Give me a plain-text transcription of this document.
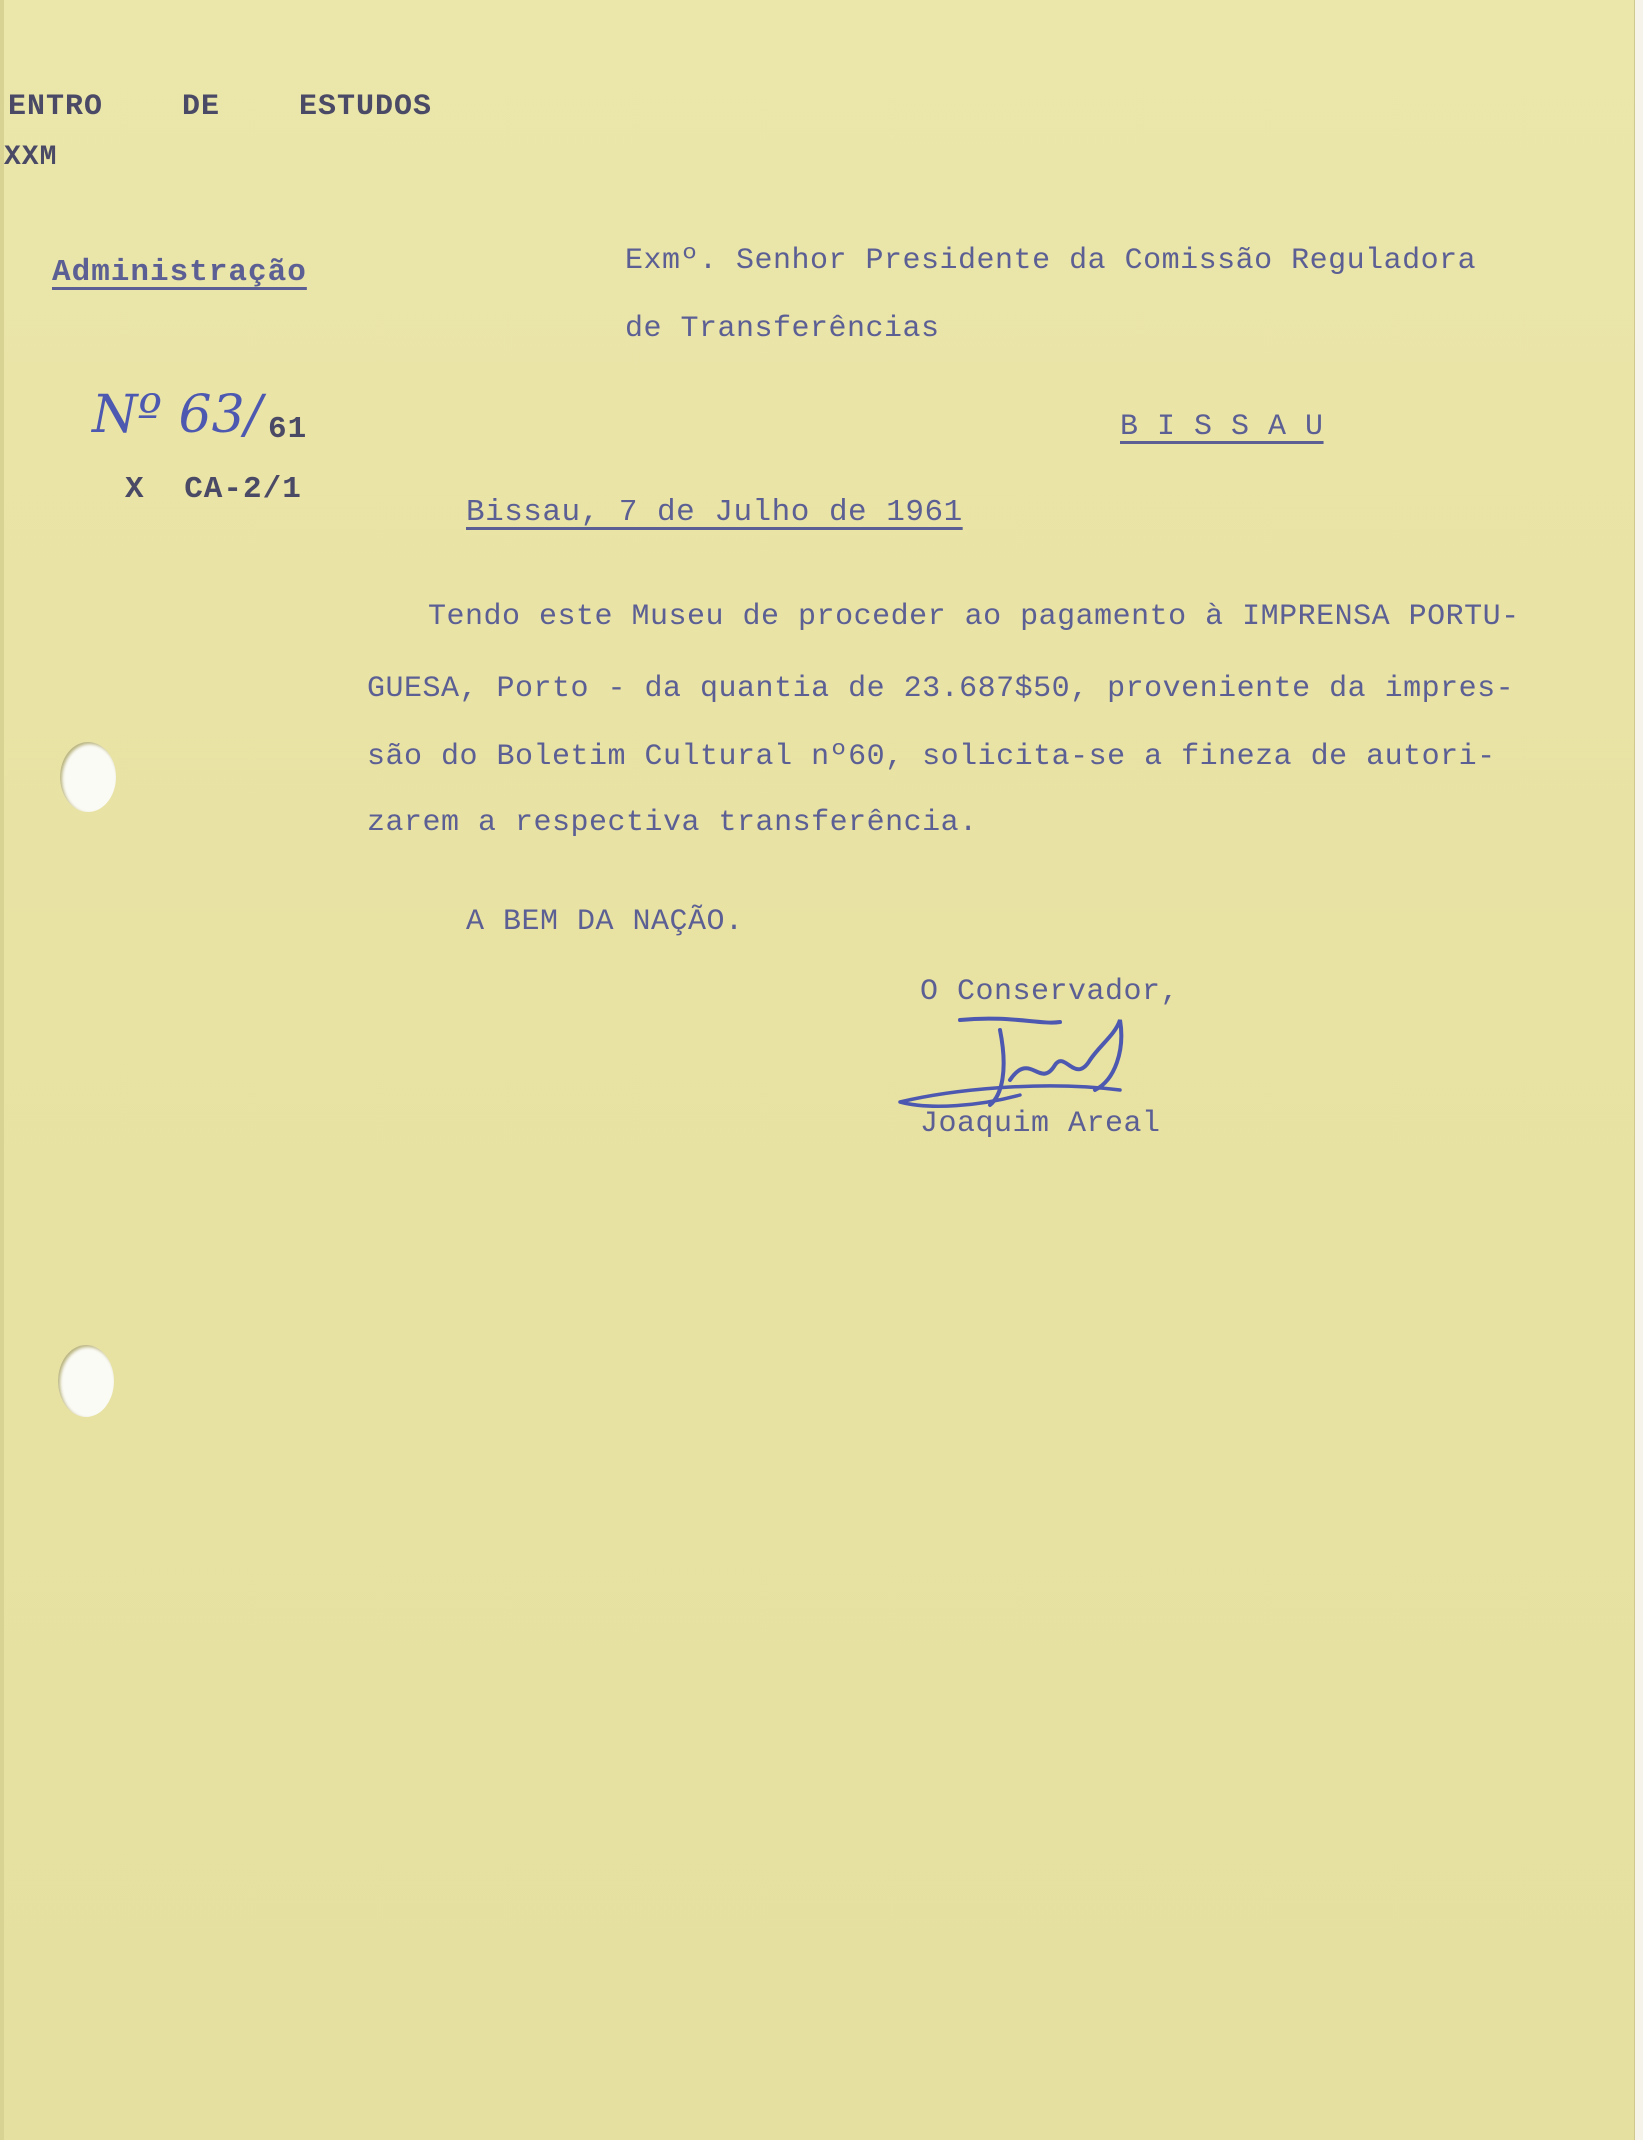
ENTRO DE ESTUDOS
XXM
Administração
Nº 63/ 61
X CA-2/1
Exmº. Senhor Presidente da Comissão Reguladora
de Transferências
B I S S A U
Bissau, 7 de Julho de 1961
Tendo este Museu de proceder ao pagamento à IMPRENSA PORTU-
GUESA, Porto - da quantia de 23.687$50, proveniente da impres-
são do Boletim Cultural nº60, solicita-se a fineza de autori-
zarem a respectiva transferência.
A BEM DA NAÇÃO.
O Conservador,
Joaquim Areal
